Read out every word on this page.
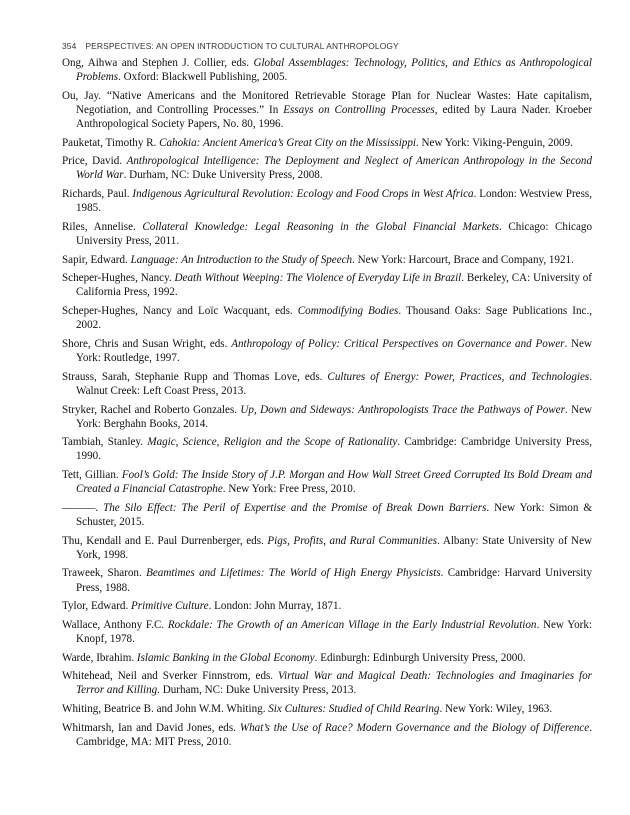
354 PERSPECTIVES: AN OPEN INTRODUCTION TO CULTURAL ANTHROPOLOGY

Ong, Aihwa and Stephen J. Collier, eds. Global Assemblages: Technology, Politics, and Ethics as Anthropological Problems. Oxford: Blackwell Publishing, 2005.

Ou, Jay. “Native Americans and the Monitored Retrievable Storage Plan for Nuclear Wastes: Hate capitalism, Negotiation, and Controlling Processes.” In Essays on Controlling Processes, edited by Laura Nader. Kroeber Anthropological Society Papers, No. 80, 1996.

Pauketat, Timothy R. Cahokia: Ancient America’s Great City on the Mississippi. New York: Viking-Penguin, 2009.

Price, David. Anthropological Intelligence: The Deployment and Neglect of American Anthropology in the Second World War. Durham, NC: Duke University Press, 2008.

Richards, Paul. Indigenous Agricultural Revolution: Ecology and Food Crops in West Africa. London: Westview Press, 1985.

Riles, Annelise. Collateral Knowledge: Legal Reasoning in the Global Financial Markets. Chicago: Chicago University Press, 2011.

Sapir, Edward. Language: An Introduction to the Study of Speech. New York: Harcourt, Brace and Company, 1921.

Scheper-Hughes, Nancy. Death Without Weeping: The Violence of Everyday Life in Brazil. Berkeley, CA: University of California Press, 1992.

Scheper-Hughes, Nancy and Loïc Wacquant, eds. Commodifying Bodies. Thousand Oaks: Sage Publications Inc., 2002.

Shore, Chris and Susan Wright, eds. Anthropology of Policy: Critical Perspectives on Governance and Power. New York: Routledge, 1997.

Strauss, Sarah, Stephanie Rupp and Thomas Love, eds. Cultures of Energy: Power, Practices, and Technologies. Walnut Creek: Left Coast Press, 2013.

Stryker, Rachel and Roberto Gonzales. Up, Down and Sideways: Anthropologists Trace the Pathways of Power. New York: Berghahn Books, 2014.

Tambiah, Stanley. Magic, Science, Religion and the Scope of Rationality. Cambridge: Cambridge University Press, 1990.

Tett, Gillian. Fool’s Gold: The Inside Story of J.P. Morgan and How Wall Street Greed Corrupted Its Bold Dream and Created a Financial Catastrophe. New York: Free Press, 2010.

———. The Silo Effect: The Peril of Expertise and the Promise of Break Down Barriers. New York: Simon & Schuster, 2015.

Thu, Kendall and E. Paul Durrenberger, eds. Pigs, Profits, and Rural Communities. Albany: State University of New York, 1998.

Traweek, Sharon. Beamtimes and Lifetimes: The World of High Energy Physicists. Cambridge: Harvard University Press, 1988.

Tylor, Edward. Primitive Culture. London: John Murray, 1871.

Wallace, Anthony F.C. Rockdale: The Growth of an American Village in the Early Industrial Revolution. New York: Knopf, 1978.

Warde, Ibrahim. Islamic Banking in the Global Economy. Edinburgh: Edinburgh University Press, 2000.

Whitehead, Neil and Sverker Finnstrom, eds. Virtual War and Magical Death: Technologies and Imaginaries for Terror and Killing. Durham, NC: Duke University Press, 2013.

Whiting, Beatrice B. and John W.M. Whiting. Six Cultures: Studied of Child Rearing. New York: Wiley, 1963.

Whitmarsh, Ian and David Jones, eds. What’s the Use of Race? Modern Governance and the Biology of Difference. Cambridge, MA: MIT Press, 2010.
